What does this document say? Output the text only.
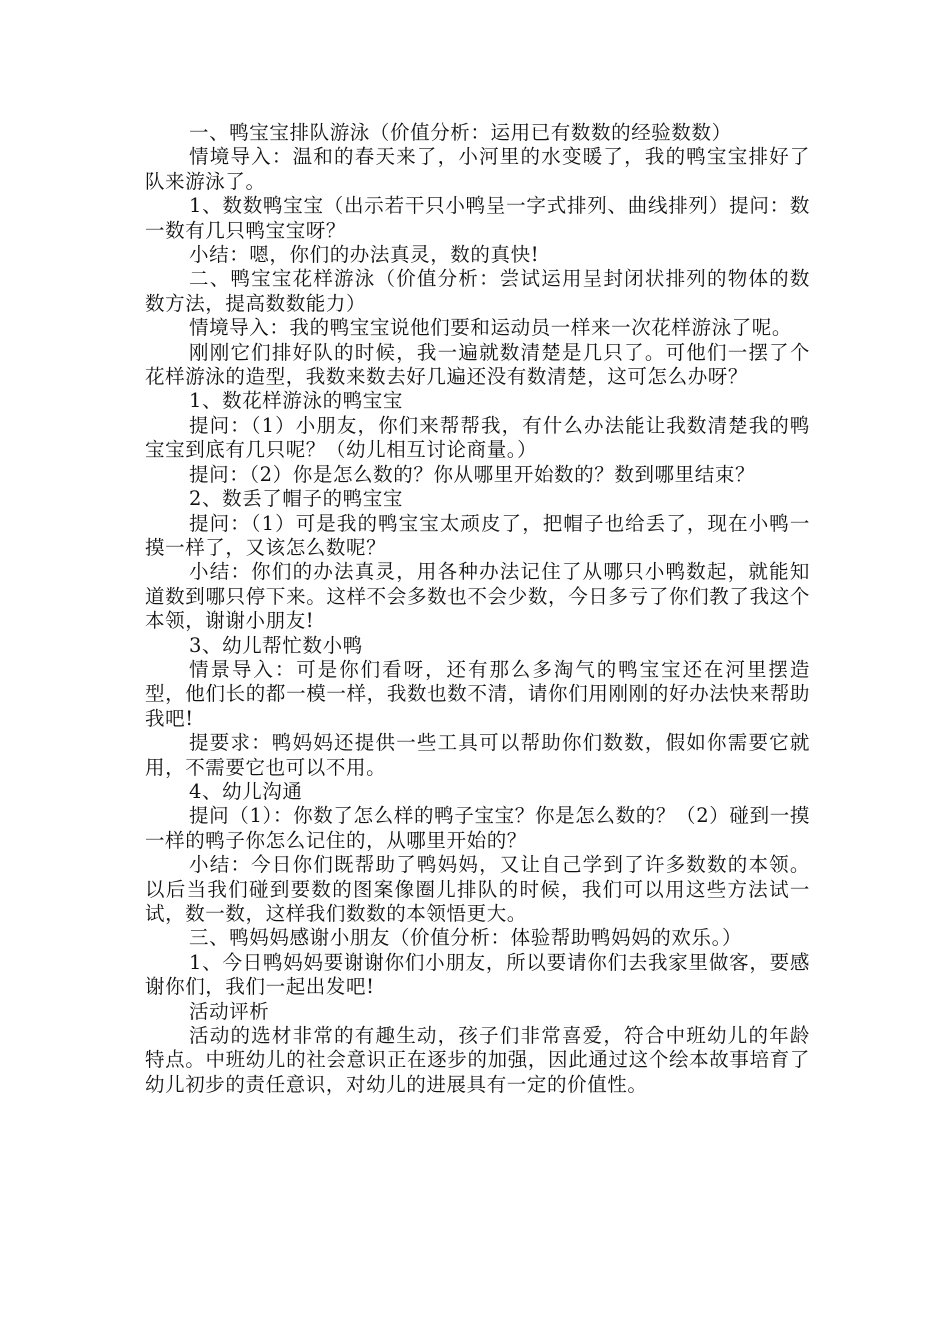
一、鸭宝宝排队游泳（价值分析：运用已有数数的经验数数）

情境导入：温和的春天来了，小河里的水变暖了，我的鸭宝宝排好了队来游泳了。

1、数数鸭宝宝（出示若干只小鸭呈一字式排列、曲线排列）提问：数一数有几只鸭宝宝呀？

小结：嗯，你们的办法真灵，数的真快!

二、鸭宝宝花样游泳（价值分析：尝试运用呈封闭状排列的物体的数数方法，提高数数能力）

情境导入：我的鸭宝宝说他们要和运动员一样来一次花样游泳了呢。

刚刚它们排好队的时候，我一遍就数清楚是几只了。可他们一摆了个花样游泳的造型，我数来数去好几遍还没有数清楚，这可怎么办呀？

1、数花样游泳的鸭宝宝

提问：（1）小朋友，你们来帮帮我，有什么办法能让我数清楚我的鸭宝宝到底有几只呢？（幼儿相互讨论商量。）

提问：（2）你是怎么数的？你从哪里开始数的？数到哪里结束？

2、数丢了帽子的鸭宝宝

提问：（1）可是我的鸭宝宝太顽皮了，把帽子也给丢了，现在小鸭一摸一样了，又该怎么数呢？

小结：你们的办法真灵，用各种办法记住了从哪只小鸭数起，就能知道数到哪只停下来。这样不会多数也不会少数，今日多亏了你们教了我这个本领，谢谢小朋友!

3、幼儿帮忙数小鸭

情景导入：可是你们看呀，还有那么多淘气的鸭宝宝还在河里摆造型，他们长的都一模一样，我数也数不清，请你们用刚刚的好办法快来帮助我吧!

提要求：鸭妈妈还提供一些工具可以帮助你们数数，假如你需要它就用，不需要它也可以不用。

4、幼儿沟通

提问（1）：你数了怎么样的鸭子宝宝？你是怎么数的？（2）碰到一摸一样的鸭子你怎么记住的，从哪里开始的？

小结：今日你们既帮助了鸭妈妈，又让自己学到了许多数数的本领。以后当我们碰到要数的图案像圈儿排队的时候，我们可以用这些方法试一试，数一数，这样我们数数的本领悟更大。

三、鸭妈妈感谢小朋友（价值分析：体验帮助鸭妈妈的欢乐。）

1、今日鸭妈妈要谢谢你们小朋友，所以要请你们去我家里做客，要感谢你们，我们一起出发吧!

活动评析

活动的选材非常的有趣生动，孩子们非常喜爱，符合中班幼儿的年龄特点。中班幼儿的社会意识正在逐步的加强，因此通过这个绘本故事培育了幼儿初步的责任意识，对幼儿的进展具有一定的价值性。
